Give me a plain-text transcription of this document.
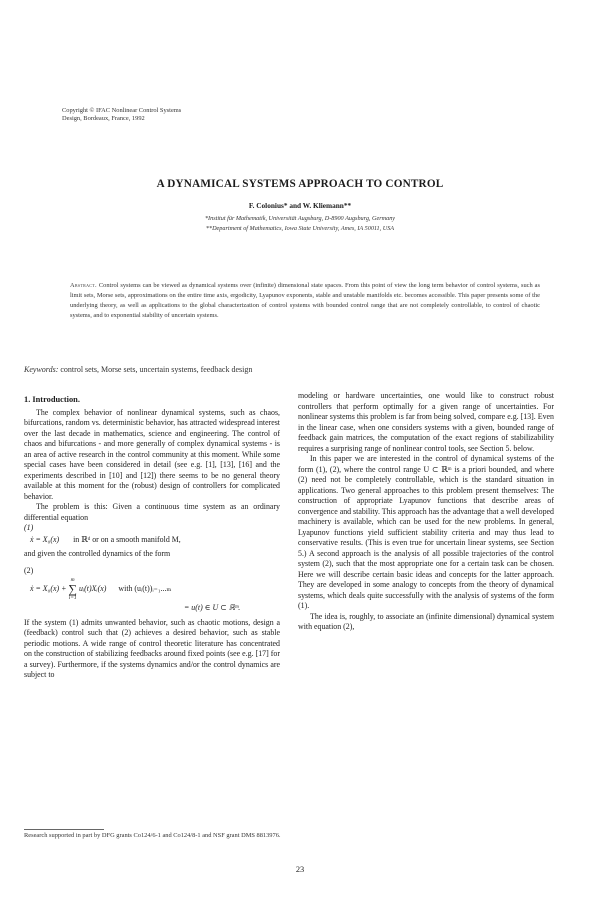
Copyright © IFAC Nonlinear Control Systems
Design, Bordeaux, France, 1992
A DYNAMICAL SYSTEMS APPROACH TO CONTROL
F. Colonius* and W. Kliemann**
*Institut für Mathematik, Universität Augsburg, D-8900 Augsburg, Germany
**Department of Mathematics, Iowa State University, Ames, IA 50011, USA
Abstract. Control systems can be viewed as dynamical systems over (infinite) dimensional state spaces. From this point of view the long term behavior of control systems, such as limit sets, Morse sets, approximations on the entire time axis, ergodicity, Lyapunov exponents, stable and unstable manifolds etc. becomes accessible. This paper presents some of the underlying theory, as well as applications to the global characterization of control systems with bounded control range that are not completely controllable, to control of chaotic systems, and to exponential stability of uncertain systems.
Keywords: control sets, Morse sets, uncertain systems, feedback design

1. Introduction.

The complex behavior of nonlinear dynamical systems, such as chaos, bifurcations, random vs. deterministic behavior, has attracted widespread interest over the last decade in mathematics, science and engineering. The control of chaos and bifurcations - and more generally of complex dynamical systems - is an area of active research in the control community at this moment. While some special cases have been considered in detail (see e.g. [1], [13], [16] and the experiments described in [10] and [12]) there seems to be no general theory available at this moment for the (robust) design of controllers for complicated behavior.

The problem is this: Given a continuous time system as an ordinary differential equation

(1)

ẋ = X₀(x) in ℝᵈ or on a smooth manifold M,

and given the controlled dynamics of the form

(2)

ẋ = X₀(x) +
m
∑
i=1
uᵢ(t)Xᵢ(x) with (uᵢ(t))ᵢ₌₁...ₘ
= u(t) ∈ U ⊂ ℝᵐ.

If the system (1) admits unwanted behavior, such as chaotic motions, design a (feedback) control such that (2) achieves a desired behavior, such as stable periodic motions. A wide range of control theoretic literature has concentrated on the construction of stabilizing feedbacks around fixed points (see e.g. [17] for a survey). Furthermore, if the systems dynamics and/or the control dynamics are subject to

modeling or hardware uncertainties, one would like to construct robust controllers that perform optimally for a given range of uncertainties. For nonlinear systems this problem is far from being solved, compare e.g. [13]. Even in the linear case, when one considers systems with a given, bounded range of feedback gain matrices, the computation of the exact regions of stabilizability requires a surprising range of nonlinear control tools, see Section 5. below.

In this paper we are interested in the control of dynamical systems of the form (1), (2), where the control range U ⊂ ℝᵐ is a priori bounded, and where (2) need not be completely controllable, which is the standard situation in applications. Two general approaches to this problem present themselves: The construction of appropriate Lyapunov functions that describe areas of convergence and stability. This approach has the advantage that a well developed machinery is available, which can be used for the new problems. In general, Lyapunov functions yield sufficient stability criteria and may thus lead to conservative results. (This is even true for uncertain linear systems, see Section 5.) A second approach is the analysis of all possible trajectories of the control system (2), such that the most appropriate one for a certain task can be chosen. Here we will describe certain basic ideas and concepts for the latter approach. They are developed in some analogy to concepts from the theory of dynamical systems, which deals quite successfully with the analysis of systems of the form (1).

The idea is, roughly, to associate an (infinite dimensional) dynamical system with equation (2),

Research supported in part by DFG grants Co124/6-1 and Co124/8-1 and NSF grant DMS 8813976.
23
